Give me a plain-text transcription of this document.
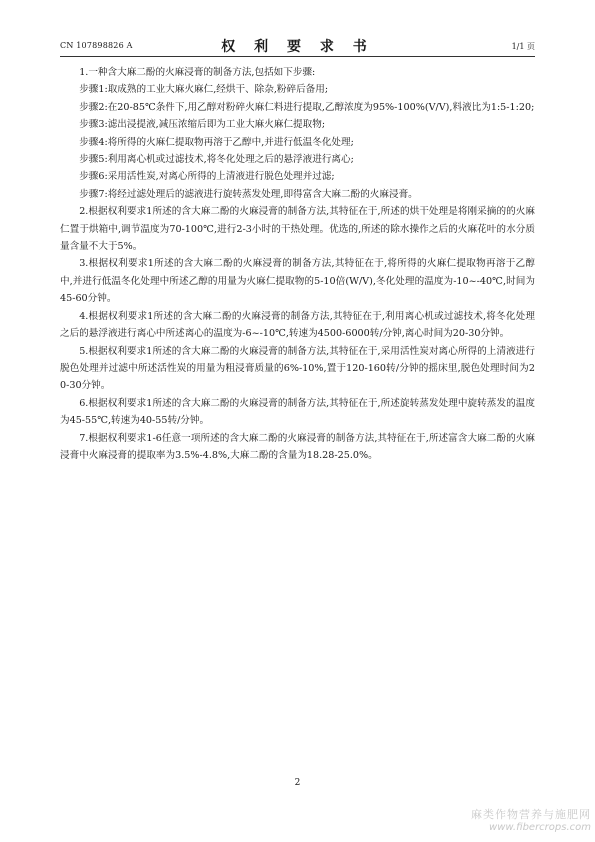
CN 107898826 A	权 利 要 求 书	1/1 页

1.一种含大麻二酚的火麻浸膏的制备方法,包括如下步骤:

步骤1:取成熟的工业大麻火麻仁,经烘干、除杂,粉碎后备用;

步骤2:在20-85℃条件下,用乙醇对粉碎火麻仁料进行提取,乙醇浓度为95%-100%(V/V),料液比为1:5-1:20;

步骤3:滤出浸提液,减压浓缩后即为工业大麻火麻仁提取物;

步骤4:将所得的火麻仁提取物再溶于乙醇中,并进行低温冬化处理;

步骤5:利用离心机或过滤技术,将冬化处理之后的悬浮液进行离心;

步骤6:采用活性炭,对离心所得的上清液进行脱色处理并过滤;

步骤7:将经过滤处理后的滤液进行旋转蒸发处理,即得富含大麻二酚的火麻浸膏。

2.根据权利要求1所述的含大麻二酚的火麻浸膏的制备方法,其特征在于,所述的烘干处理是将刚采摘的的火麻仁置于烘箱中,调节温度为70-100℃,进行2-3小时的干热处理。优选的,所述的除水操作之后的火麻花叶的水分质量含量不大于5%。

3.根据权利要求1所述的含大麻二酚的火麻浸膏的制备方法,其特征在于,将所得的火麻仁提取物再溶于乙醇中,并进行低温冬化处理中所述乙醇的用量为火麻仁提取物的5-10倍(W/V),冬化处理的温度为-10~-40℃,时间为45-60分钟。

4.根据权利要求1所述的含大麻二酚的火麻浸膏的制备方法,其特征在于,利用离心机或过滤技术,将冬化处理之后的悬浮液进行离心中所述离心的温度为-6~-10℃,转速为4500-6000转/分钟,离心时间为20-30分钟。

5.根据权利要求1所述的含大麻二酚的火麻浸膏的制备方法,其特征在于,采用活性炭对离心所得的上清液进行脱色处理并过滤中所述活性炭的用量为粗浸膏质量的6%-10%,置于120-160转/分钟的摇床里,脱色处理时间为20-30分钟。

6.根据权利要求1所述的含大麻二酚的火麻浸膏的制备方法,其特征在于,所述旋转蒸发处理中旋转蒸发的温度为45-55℃,转速为40-55转/分钟。

7.根据权利要求1-6任意一项所述的含大麻二酚的火麻浸膏的制备方法,其特征在于,所述富含大麻二酚的火麻浸膏中火麻浸膏的提取率为3.5%-4.8%,大麻二酚的含量为18.28-25.0%。

2
麻类作物营养与施肥网
www.fibercrops.com
